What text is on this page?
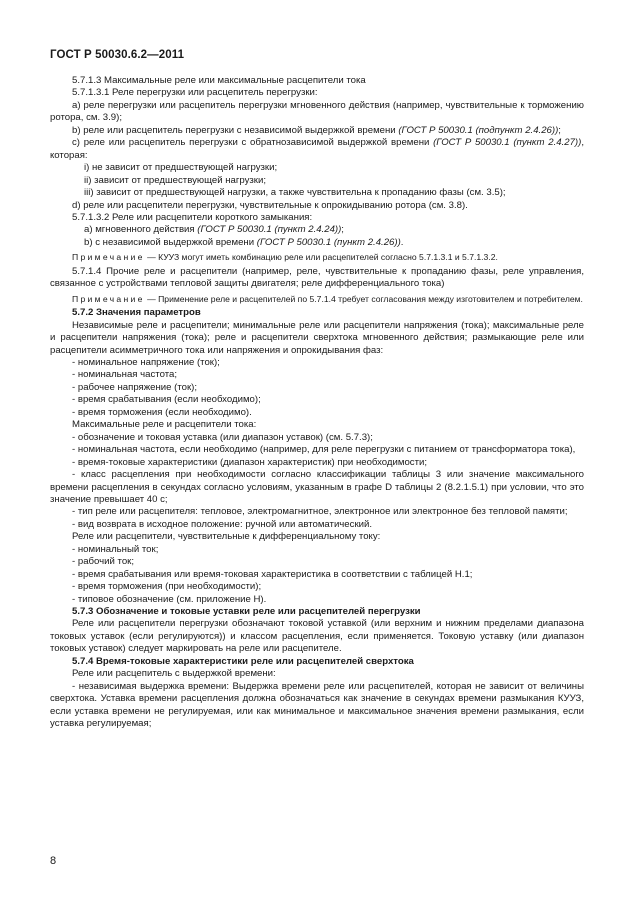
ГОСТ Р 50030.6.2—2011

5.7.1.3 Максимальные реле или максимальные расцепители тока

5.7.1.3.1 Реле перегрузки или расцепитель перегрузки:

а) реле перегрузки или расцепитель перегрузки мгновенного действия (например, чувствительные к торможению ротора, см. 3.9);

b) реле или расцепитель перегрузки с независимой выдержкой времени (ГОСТ Р 50030.1 (подпункт 2.4.26));

с) реле или расцепитель перегрузки с обратнозависимой выдержкой времени (ГОСТ Р 50030.1 (пункт 2.4.27)), которая:

i) не зависит от предшествующей нагрузки;

ii) зависит от предшествующей нагрузки;

iii) зависит от предшествующей нагрузки, а также чувствительна к пропаданию фазы (см. 3.5);

d) реле или расцепители перегрузки, чувствительные к опрокидыванию ротора (см. 3.8).

5.7.1.3.2 Реле или расцепители короткого замыкания:

а) мгновенного действия (ГОСТ Р 50030.1 (пункт 2.4.24));

b) с независимой выдержкой времени (ГОСТ Р 50030.1 (пункт 2.4.26)).

Примечание — КУУЗ могут иметь комбинацию реле или расцепителей согласно 5.7.1.3.1 и 5.7.1.3.2.

5.7.1.4 Прочие реле и расцепители (например, реле, чувствительные к пропаданию фазы, реле управления, связанное с устройствами тепловой защиты двигателя; реле дифференциального тока)

Примечание — Применение реле и расцепителей по 5.7.1.4 требует согласования между изготовителем и потребителем.

5.7.2 Значения параметров

Независимые реле и расцепители; минимальные реле или расцепители напряжения (тока); максимальные реле и расцепители напряжения (тока); реле и расцепители сверхтока мгновенного действия; размыкающие реле или расцепители асимметричного тока или напряжения и опрокидывания фаз:

- номинальное напряжение (ток);

- номинальная частота;

- рабочее напряжение (ток);

- время срабатывания (если необходимо);

- время торможения (если необходимо).

Максимальные реле и расцепители тока:

- обозначение и токовая уставка (или диапазон уставок) (см. 5.7.3);

- номинальная частота, если необходимо (например, для реле перегрузки с питанием от трансформатора тока),

- время-токовые характеристики (диапазон характеристик) при необходимости;

- класс расцепления при необходимости согласно классификации таблицы 3 или значение максимального времени расцепления в секундах согласно условиям, указанным в графе D таблицы 2 (8.2.1.5.1) при условии, что это значение превышает 40 с;

- тип реле или расцепителя: тепловое, электромагнитное, электронное или электронное без тепловой памяти;

- вид возврата в исходное положение: ручной или автоматический.

Реле или расцепители, чувствительные к дифференциальному току:

- номинальный ток;

- рабочий ток;

- время срабатывания или время-токовая характеристика в соответствии с таблицей Н.1;

- время торможения (при необходимости);

- типовое обозначение (см. приложение Н).

5.7.3 Обозначение и токовые уставки реле или расцепителей перегрузки

Реле или расцепители перегрузки обозначают токовой уставкой (или верхним и нижним пределами диапазона токовых уставок (если регулируются)) и классом расцепления, если применяется. Токовую уставку (или диапазон токовых уставок) следует маркировать на реле или расцепителе.

5.7.4 Время-токовые характеристики реле или расцепителей сверхтока

Реле или расцепитель с выдержкой времени:

- независимая выдержка времени: Выдержка времени реле или расцепителей, которая не зависит от величины сверхтока. Уставка времени расцепления должна обозначаться как значение в секундах времени размыкания КУУЗ, если уставка времени не регулируемая, или как минимальное и максимальное значения времени размыкания, если уставка регулируемая;

8
